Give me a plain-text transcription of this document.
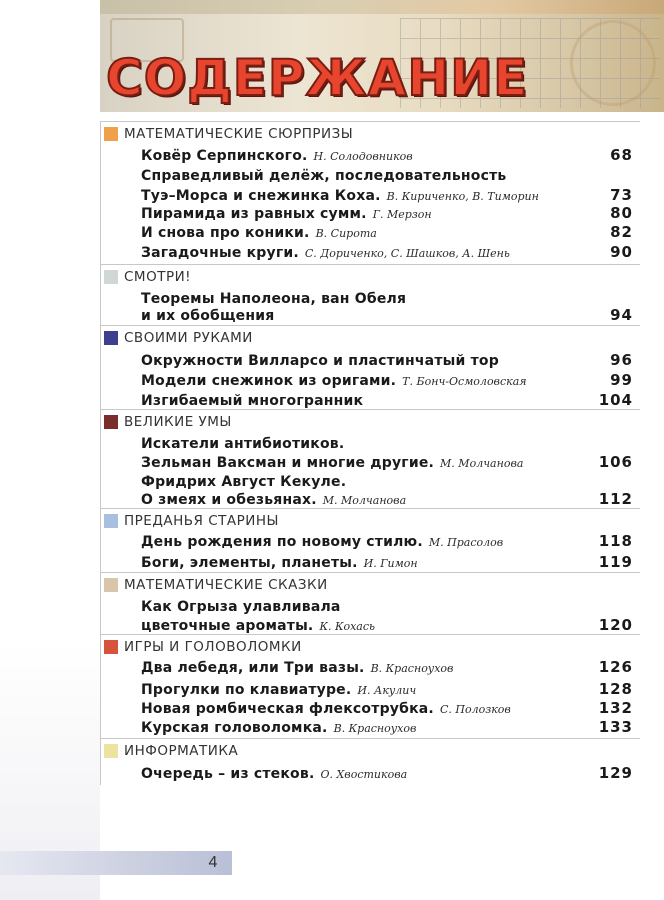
СОДЕРЖАНИЕ
МАТЕМАТИЧЕСКИЕ СЮРПРИЗЫ
Ковёр Серпинского. Н. Солодовников	68
Справедливый делёж, последовательность
Туэ–Морса и снежинка Коха. В. Кириченко, В. Тиморин	73
Пирамида из равных сумм. Г. Мерзон	80
И снова про коники. В. Сирота	82
Загадочные круги. С. Дориченко, С. Шашков, А. Шень	90
СМОТРИ!
Теоремы Наполеона, ван Обеля
и их обобщения	94
СВОИМИ РУКАМИ
Окружности Вилларсо и пластинчатый тор	96
Модели снежинок из оригами. Т. Бонч-Осмоловская	99
Изгибаемый многогранник	104
ВЕЛИКИЕ УМЫ
Искатели антибиотиков.
Зельман Ваксман и многие другие. М. Молчанова	106
Фридрих Август Кекуле.
О змеях и обезьянах. М. Молчанова	112
ПРЕДАНЬЯ СТАРИНЫ
День рождения по новому стилю. М. Прасолов	118
Боги, элементы, планеты. И. Гимон	119
МАТЕМАТИЧЕСКИЕ СКАЗКИ
Как Огрыза улавливала
цветочные ароматы. К. Кохась	120
ИГРЫ И ГОЛОВОЛОМКИ
Два лебедя, или Три вазы. В. Красноухов	126
Прогулки по клавиатуре. И. Акулич	128
Новая ромбическая флексотрубка. С. Полозков	132
Курская головоломка. В. Красноухов	133
ИНФОРМАТИКА
Очередь – из стеков. О. Хвостикова	129
4
